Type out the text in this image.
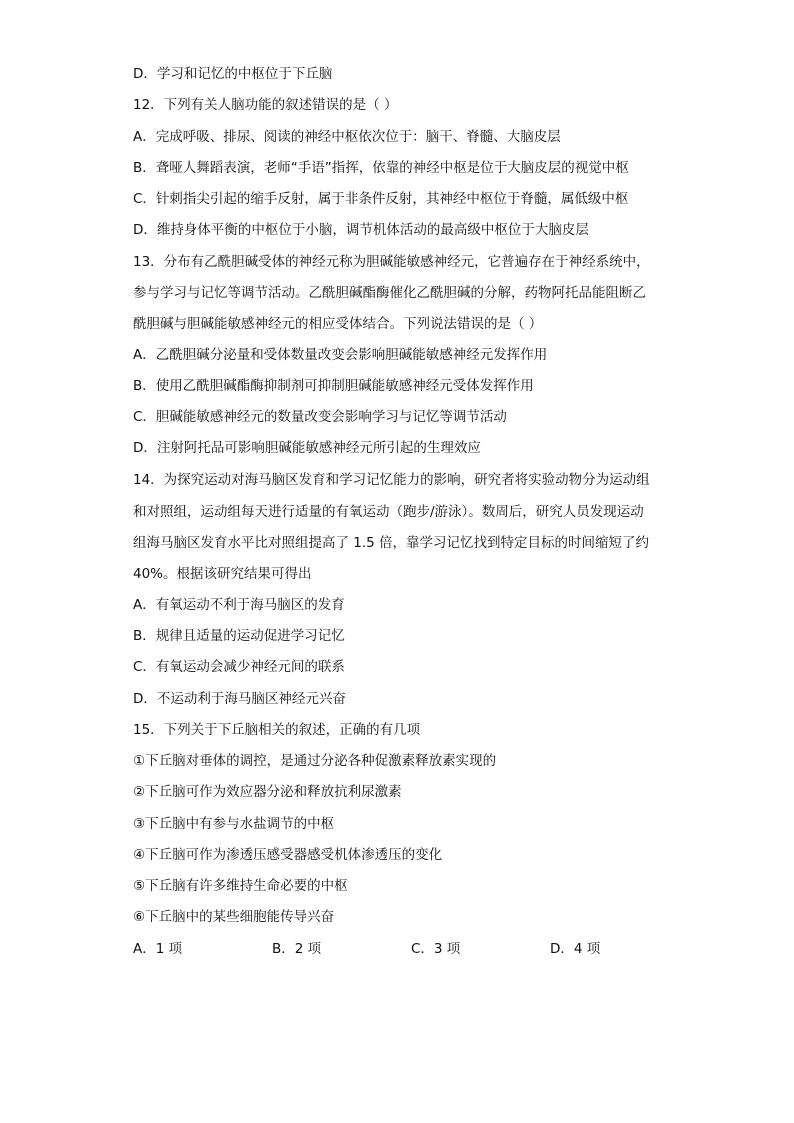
D．学习和记忆的中枢位于下丘脑
12．下列有关人脑功能的叙述错误的是（ ）
A．完成呼吸、排尿、阅读的神经中枢依次位于：脑干、脊髓、大脑皮层
B．聋哑人舞蹈表演，老师“手语”指挥，依靠的神经中枢是位于大脑皮层的视觉中枢
C．针刺指尖引起的缩手反射，属于非条件反射，其神经中枢位于脊髓，属低级中枢
D．维持身体平衡的中枢位于小脑，调节机体活动的最高级中枢位于大脑皮层
13．分布有乙酰胆碱受体的神经元称为胆碱能敏感神经元，它普遍存在于神经系统中，
参与学习与记忆等调节活动。乙酰胆碱酯酶催化乙酰胆碱的分解，药物阿托品能阻断乙
酰胆碱与胆碱能敏感神经元的相应受体结合。下列说法错误的是（ ）
A．乙酰胆碱分泌量和受体数量改变会影响胆碱能敏感神经元发挥作用
B．使用乙酰胆碱酯酶抑制剂可抑制胆碱能敏感神经元受体发挥作用
C．胆碱能敏感神经元的数量改变会影响学习与记忆等调节活动
D．注射阿托品可影响胆碱能敏感神经元所引起的生理效应
14．为探究运动对海马脑区发育和学习记忆能力的影响，研究者将实验动物分为运动组
和对照组，运动组每天进行适量的有氧运动（跑步/游泳）。数周后，研究人员发现运动
组海马脑区发育水平比对照组提高了 1.5 倍，靠学习记忆找到特定目标的时间缩短了约
40%。根据该研究结果可得出
A．有氧运动不利于海马脑区的发育
B．规律且适量的运动促进学习记忆
C．有氧运动会减少神经元间的联系
D．不运动利于海马脑区神经元兴奋
15．下列关于下丘脑相关的叙述，正确的有几项
①下丘脑对垂体的调控，是通过分泌各种促激素释放素实现的
②下丘脑可作为效应器分泌和释放抗利尿激素
③下丘脑中有参与水盐调节的中枢
④下丘脑可作为渗透压感受器感受机体渗透压的变化
⑤下丘脑有许多维持生命必要的中枢
⑥下丘脑中的某些细胞能传导兴奋
A．1 项	B．2 项	C．3 项	D．4 项
